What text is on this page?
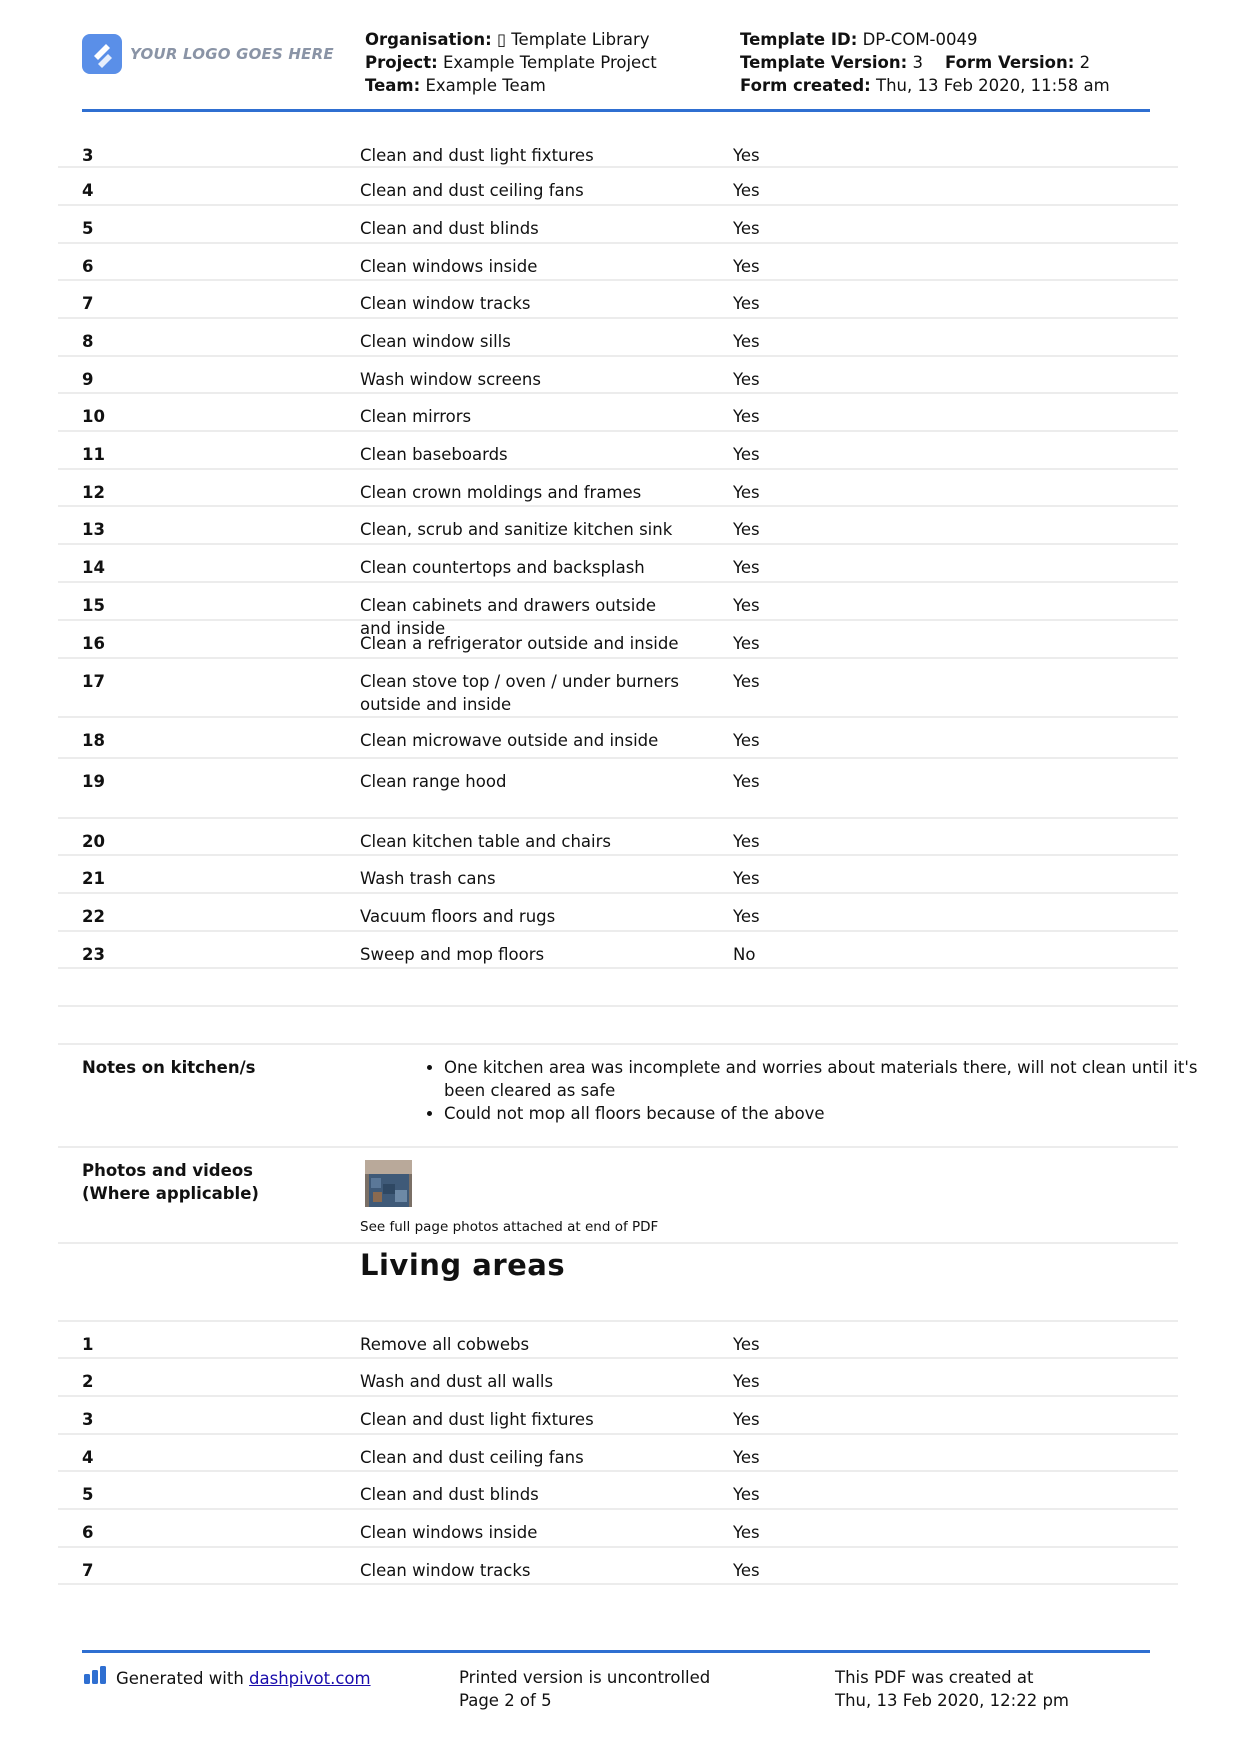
YOUR LOGO GOES HERE
Organisation: ▯ Template Library
Project: Example Template Project
Team: Example Team
Template ID: DP-COM-0049
Template Version: 3 Form Version: 2
Form created: Thu, 13 Feb 2020, 11:58 am
3	Clean and dust light fixtures	Yes
4	Clean and dust ceiling fans	Yes
5	Clean and dust blinds	Yes
6	Clean windows inside	Yes
7	Clean window tracks	Yes
8	Clean window sills	Yes
9	Wash window screens	Yes
10	Clean mirrors	Yes
11	Clean baseboards	Yes
12	Clean crown moldings and frames	Yes
13	Clean, scrub and sanitize kitchen sink	Yes
14	Clean countertops and backsplash	Yes
15	Clean cabinets and drawers outside and inside
Yes
16	Clean a refrigerator outside and inside	Yes
17	Clean stove top / oven / under burners outside and inside
Yes
18	Clean microwave outside and inside	Yes
19	Clean range hood	Yes
20	Clean kitchen table and chairs	Yes
21	Wash trash cans	Yes
22	Vacuum floors and rugs	Yes
23	Sweep and mop floors	No
Notes on kitchen/s
•	One kitchen area was incomplete and worries about materials there, will not clean until it's been cleared as safe
• Could not mop all floors because of the above
Photos and videos (Where applicable)
See full page photos attached at end of PDF
Living areas
1	Remove all cobwebs	Yes
2	Wash and dust all walls	Yes
3	Clean and dust light fixtures	Yes
4	Clean and dust ceiling fans	Yes
5	Clean and dust blinds	Yes
6	Clean windows inside	Yes
7	Clean window tracks	Yes
Generated with
dashpivot.com	Printed version is uncontrolled
Page 2 of 5
This PDF was created at
Thu, 13 Feb 2020, 12:22 pm
